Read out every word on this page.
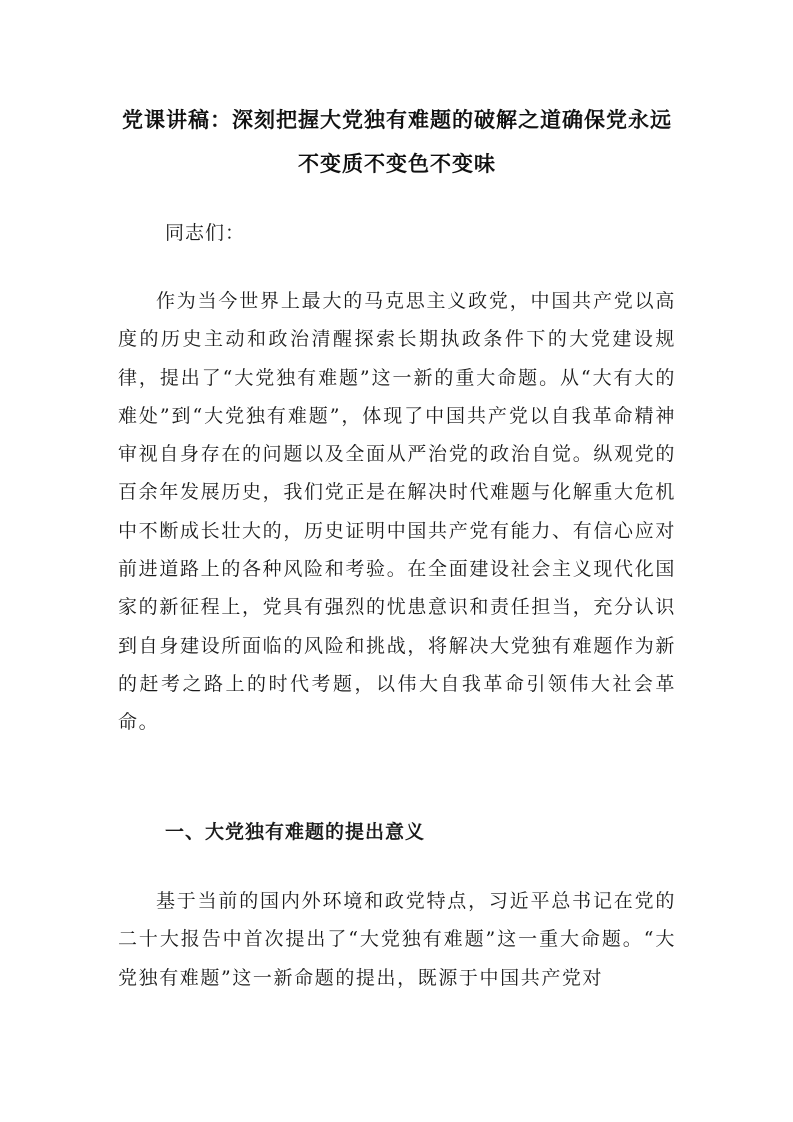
党课讲稿：深刻把握大党独有难题的破解之道确保党永远不变质不变色不变味

同志们：

作为当今世界上最大的马克思主义政党，中国共产党以高度的历史主动和政治清醒探索长期执政条件下的大党建设规律，提出了“大党独有难题”这一新的重大命题。从“大有大的难处”到“大党独有难题”，体现了中国共产党以自我革命精神审视自身存在的问题以及全面从严治党的政治自觉。纵观党的百余年发展历史，我们党正是在解决时代难题与化解重大危机中不断成长壮大的，历史证明中国共产党有能力、有信心应对前进道路上的各种风险和考验。在全面建设社会主义现代化国家的新征程上，党具有强烈的忧患意识和责任担当，充分认识到自身建设所面临的风险和挑战，将解决大党独有难题作为新的赶考之路上的时代考题，以伟大自我革命引领伟大社会革命。

一、大党独有难题的提出意义

基于当前的国内外环境和政党特点，习近平总书记在党的二十大报告中首次提出了“大党独有难题”这一重大命题。“大党独有难题”这一新命题的提出，既源于中国共产党对
